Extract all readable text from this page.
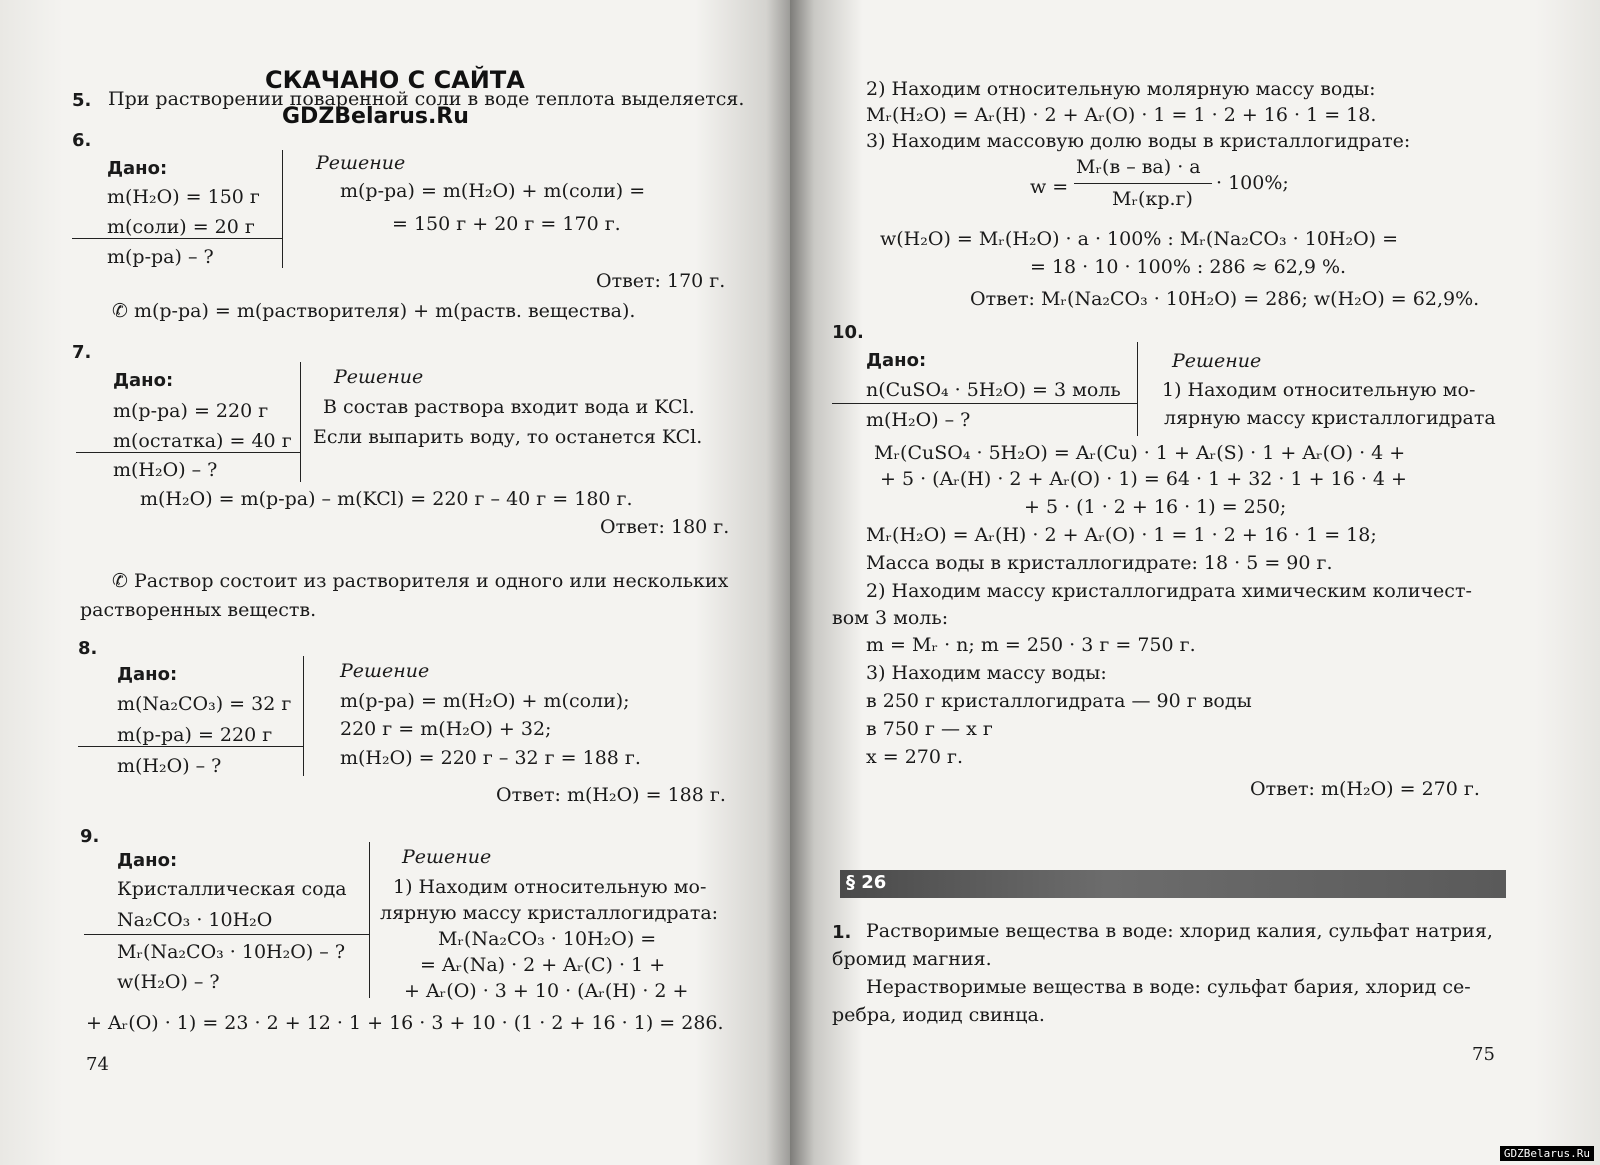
СКАЧАНО С САЙТА
GDZBelarus.Ru
5. При растворении поваренной соли в воде теплота выделяется.
6.
Дано:
m(H₂O) = 150 г
m(соли) = 20 г
m(р-ра) – ?
Решение
m(р-ра) = m(H₂O) + m(соли) =
= 150 г + 20 г = 170 г.
Ответ: 170 г.
✆ m(р-ра) = m(растворителя) + m(раств. вещества).
7.
Дано:
m(р-ра) = 220 г
m(остатка) = 40 г
m(H₂O) – ?
Решение
В состав раствора входит вода и KCl.
Если выпарить воду, то останется KCl.
m(H₂O) = m(р-ра) – m(KCl) = 220 г – 40 г = 180 г.
Ответ: 180 г.
✆ Раствор состоит из растворителя и одного или нескольких
растворенных веществ.
8.
Дано:
m(Na₂CO₃) = 32 г
m(р-ра) = 220 г
m(H₂O) – ?
Решение
m(р-ра) = m(H₂O) + m(соли);
220 г = m(H₂O) + 32;
m(H₂O) = 220 г – 32 г = 188 г.
Ответ: m(H₂O) = 188 г.
9.
Дано:
Кристаллическая сода
Na₂CO₃ · 10H₂O
Mᵣ(Na₂CO₃ · 10H₂O) – ?
w(H₂O) – ?
Решение
1) Находим относительную мо-
лярную массу кристаллогидрата:
Mᵣ(Na₂CO₃ · 10H₂O) =
= Aᵣ(Na) · 2 + Aᵣ(C) · 1 +
+ Aᵣ(O) · 3 + 10 · (Aᵣ(H) · 2 +
+ Aᵣ(O) · 1) = 23 · 2 + 12 · 1 + 16 · 3 + 10 · (1 · 2 + 16 · 1) = 286.
74
2) Находим относительную молярную массу воды:
Mᵣ(H₂O) = Aᵣ(H) · 2 + Aᵣ(O) · 1 = 1 · 2 + 16 · 1 = 18.
3) Находим массовую долю воды в кристаллогидрате:
w =
Mᵣ(в – ва) · a
Mᵣ(кр.г)
· 100%;
w(H₂O) = Mᵣ(H₂O) · a · 100% : Mᵣ(Na₂CO₃ · 10H₂O) =
= 18 · 10 · 100% : 286 ≈ 62,9 %.
Ответ: Mᵣ(Na₂CO₃ · 10H₂O) = 286; w(H₂O) = 62,9%.
10.
Дано:
n(CuSO₄ · 5H₂O) = 3 моль
m(H₂O) – ?
Решение
1) Находим относительную мо-
лярную массу кристаллогидрата
Mᵣ(CuSO₄ · 5H₂O) = Aᵣ(Cu) · 1 + Aᵣ(S) · 1 + Aᵣ(O) · 4 +
+ 5 · (Aᵣ(H) · 2 + Aᵣ(O) · 1) = 64 · 1 + 32 · 1 + 16 · 4 +
+ 5 · (1 · 2 + 16 · 1) = 250;
Mᵣ(H₂O) = Aᵣ(H) · 2 + Aᵣ(O) · 1 = 1 · 2 + 16 · 1 = 18;
Масса воды в кристаллогидрате: 18 · 5 = 90 г.
2) Находим массу кристаллогидрата химическим количест-
вом 3 моль:
m = Mᵣ · n; m = 250 · 3 г = 750 г.
3) Находим массу воды:
в 250 г кристаллогидрата — 90 г воды
в 750 г — x г
x = 270 г.
Ответ: m(H₂O) = 270 г.
§ 26
1. Растворимые вещества в воде: хлорид калия, сульфат натрия,
бромид магния.
Нерастворимые вещества в воде: сульфат бария, хлорид се-
ребра, иодид свинца.
75
GDZBelarus.Ru
